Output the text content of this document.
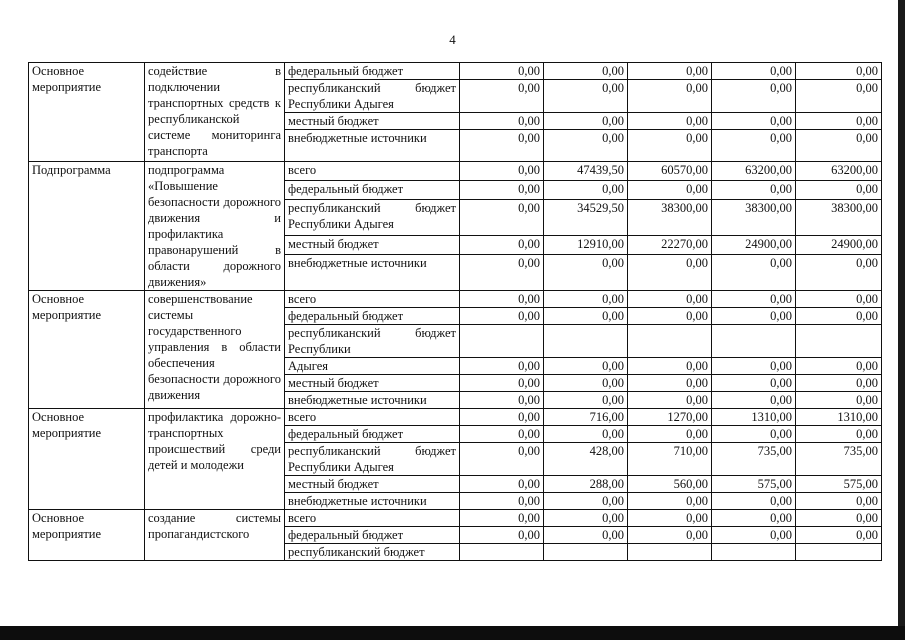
4
Основное мероприятие	содействие в подключении транспортных средств к республиканской системе мониторинга транспорта	федеральный бюджет	0,00	0,00	0,00	0,00	0,00
		республиканский бюджет Республики Адыгея	0,00	0,00	0,00	0,00	0,00
		местный бюджет	0,00	0,00	0,00	0,00	0,00
		внебюджетные источники	0,00	0,00	0,00	0,00	0,00
Подпрограмма	подпрограмма «Повышение безопасности дорожного движения и профилактика правонарушений в области дорожного движения»	всего	0,00	47439,50	60570,00	63200,00	63200,00
		федеральный бюджет	0,00	0,00	0,00	0,00	0,00
		республиканский бюджет Республики Адыгея	0,00	34529,50	38300,00	38300,00	38300,00
		местный бюджет	0,00	12910,00	22270,00	24900,00	24900,00
		внебюджетные источники	0,00	0,00	0,00	0,00	0,00
Основное мероприятие	совершенствование системы государственного управления в области обеспечения безопасности дорожного движения	всего	0,00	0,00	0,00	0,00	0,00
		федеральный бюджет	0,00	0,00	0,00	0,00	0,00
		республиканский бюджет Республики					
		Адыгея	0,00	0,00	0,00	0,00	0,00
		местный бюджет	0,00	0,00	0,00	0,00	0,00
		внебюджетные источники	0,00	0,00	0,00	0,00	0,00
Основное мероприятие	профилактика дорожно-транспортных происшествий среди детей и молодежи	всего	0,00	716,00	1270,00	1310,00	1310,00
		федеральный бюджет	0,00	0,00	0,00	0,00	0,00
		республиканский бюджет Республики Адыгея	0,00	428,00	710,00	735,00	735,00
		местный бюджет	0,00	288,00	560,00	575,00	575,00
		внебюджетные источники	0,00	0,00	0,00	0,00	0,00
Основное мероприятие	создание системы пропагандистского	всего	0,00	0,00	0,00	0,00	0,00
		федеральный бюджет	0,00	0,00	0,00	0,00	0,00
		республиканский бюджет					
